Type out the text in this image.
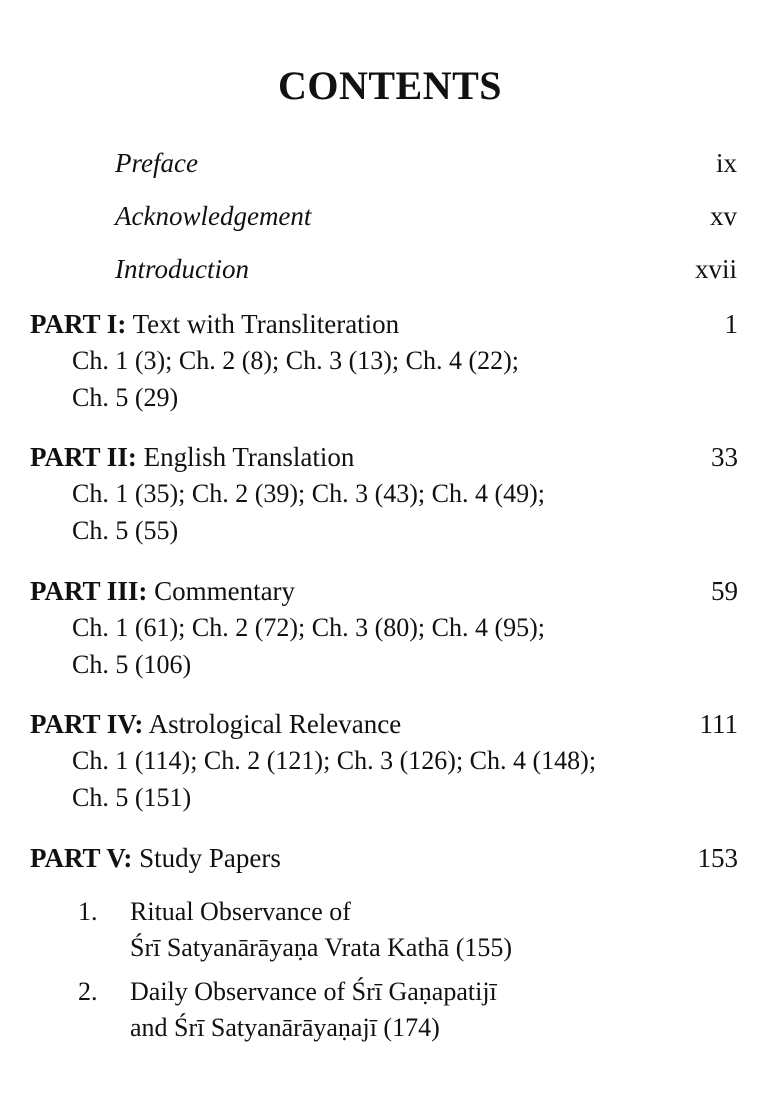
CONTENTS
Preface	ix
Acknowledgement	xv
Introduction	xvii
PART I: Text with Transliteration	1
Ch. 1 (3); Ch. 2 (8); Ch. 3 (13); Ch. 4 (22);
Ch. 5 (29)
PART II: English Translation	33
Ch. 1 (35); Ch. 2 (39); Ch. 3 (43); Ch. 4 (49);
Ch. 5 (55)
PART III: Commentary	59
Ch. 1 (61); Ch. 2 (72); Ch. 3 (80); Ch. 4 (95);
Ch. 5 (106)
PART IV: Astrological Relevance	111
Ch. 1 (114); Ch. 2 (121); Ch. 3 (126); Ch. 4 (148);
Ch. 5 (151)
PART V: Study Papers	153
1.	Ritual Observance of
Śrī Satyanārāyaṇa Vrata Kathā (155)
2.	Daily Observance of Śrī Gaṇapatijī
and Śrī Satyanārāyaṇajī (174)
